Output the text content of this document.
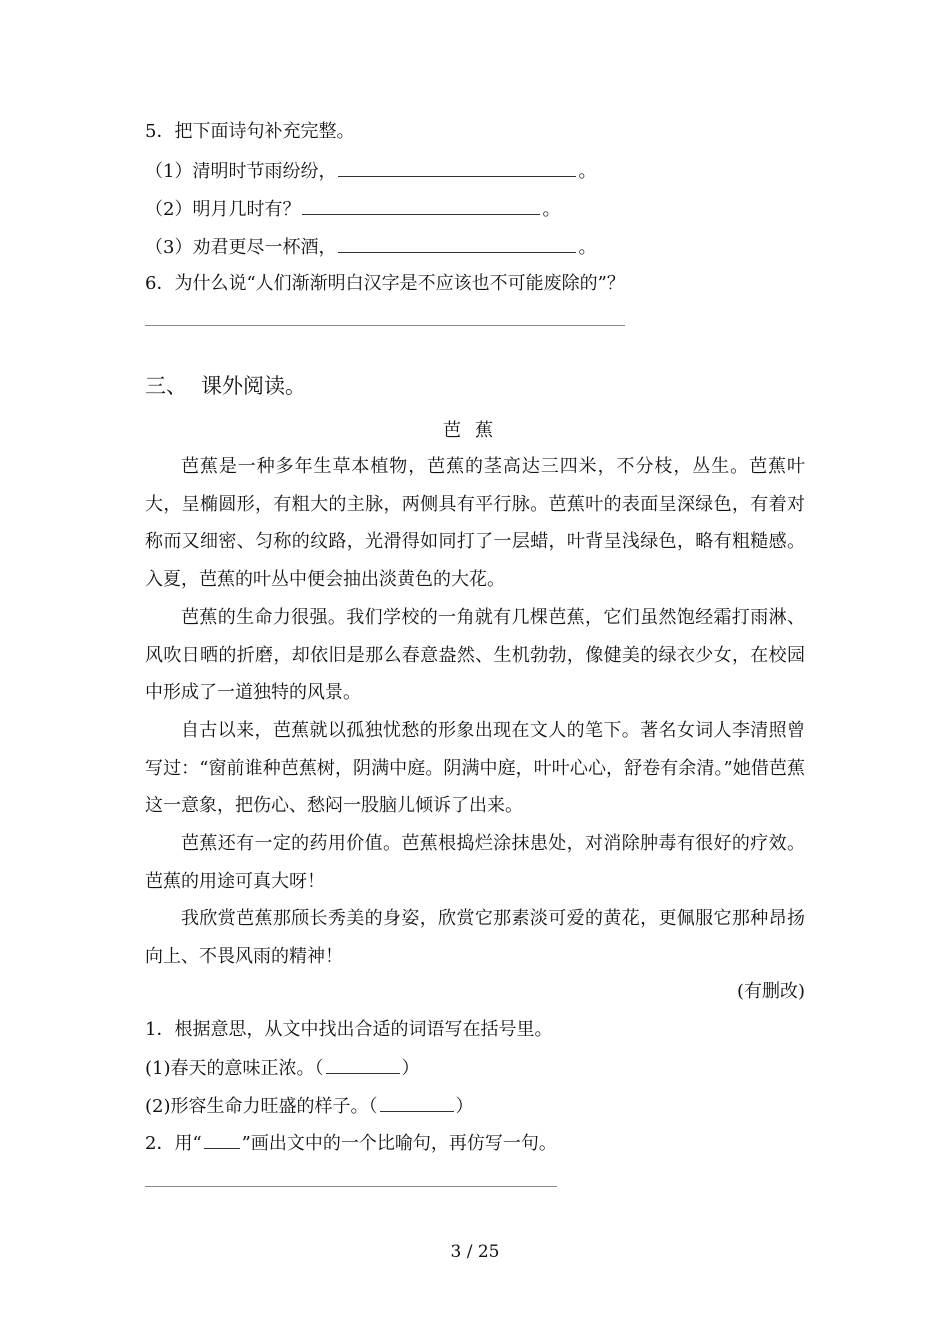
5．把下面诗句补充完整。
（1）清明时节雨纷纷，	。
（2）明月几时有？	。
（3）劝君更尽一杯酒，	。
6．为什么说“人们渐渐明白汉字是不应该也不可能废除的”？
三、 课外阅读。
芭蕉

芭蕉是一种多年生草本植物，芭蕉的茎高达三四米，不分枝，丛生。芭蕉叶大，呈椭圆形，有粗大的主脉，两侧具有平行脉。芭蕉叶的表面呈深绿色，有着对称而又细密、匀称的纹路，光滑得如同打了一层蜡，叶背呈浅绿色，略有粗糙感。入夏，芭蕉的叶丛中便会抽出淡黄色的大花。

芭蕉的生命力很强。我们学校的一角就有几棵芭蕉，它们虽然饱经霜打雨淋、风吹日晒的折磨，却依旧是那么春意盎然、生机勃勃，像健美的绿衣少女，在校园中形成了一道独特的风景。

自古以来，芭蕉就以孤独忧愁的形象出现在文人的笔下。著名女词人李清照曾写过：“窗前谁种芭蕉树，阴满中庭。阴满中庭，叶叶心心，舒卷有余清。”她借芭蕉这一意象，把伤心、愁闷一股脑儿倾诉了出来。

芭蕉还有一定的药用价值。芭蕉根捣烂涂抹患处，对消除肿毒有很好的疗效。芭蕉的用途可真大呀！

我欣赏芭蕉那颀长秀美的身姿，欣赏它那素淡可爱的黄花，更佩服它那种昂扬向上、不畏风雨的精神！

(有删改)
1．根据意思，从文中找出合适的词语写在括号里。
(1)春天的意味正浓。（	）
(2)形容生命力旺盛的样子。（	）
2．用“ ”画出文中的一个比喻句，再仿写一句。
3 / 25
